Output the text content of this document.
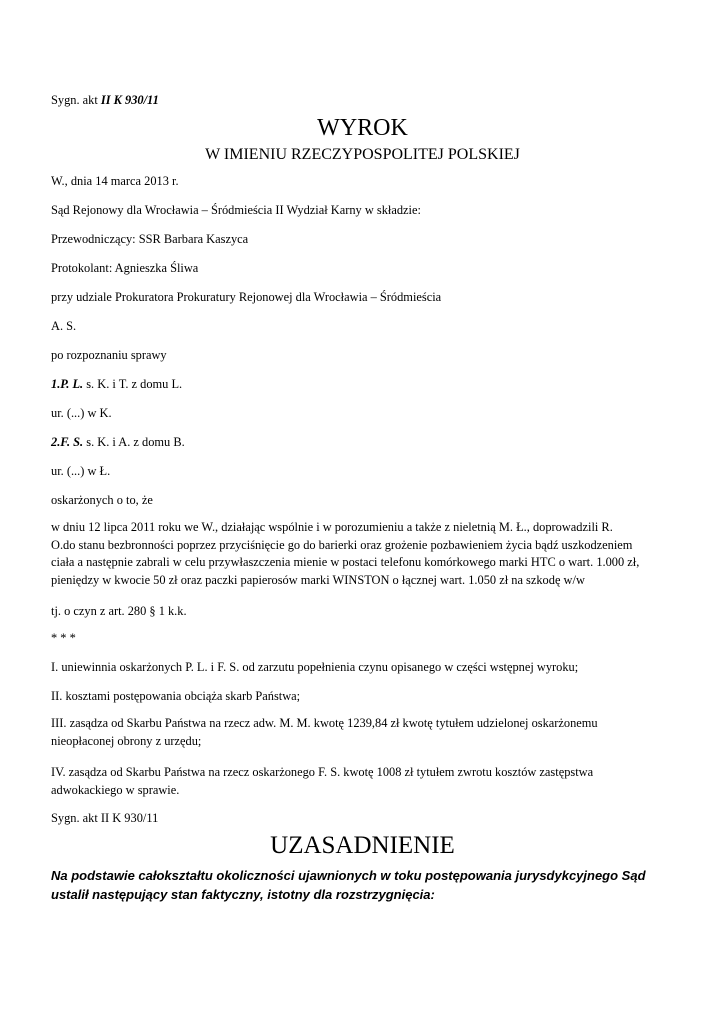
Sygn. akt II K 930/11
WYROK
W IMIENIU RZECZYPOSPOLITEJ POLSKIEJ
W., dnia 14 marca 2013 r.
Sąd Rejonowy dla Wrocławia – Śródmieścia II Wydział Karny w składzie:
Przewodniczący: SSR Barbara Kaszyca
Protokolant: Agnieszka Śliwa
przy udziale Prokuratora Prokuratury Rejonowej dla Wrocławia – Śródmieścia
A. S.
po rozpoznaniu sprawy
1.P. L. s. K. i T. z domu L.
ur. (...) w K.
2.F. S. s. K. i A. z domu B.
ur. (...) w Ł.
oskarżonych o to, że
w dniu 12 lipca 2011 roku we W., działając wspólnie i w porozumieniu a także z nieletnią M. Ł., doprowadzili R.
O.do stanu bezbronności poprzez przyciśnięcie go do barierki oraz grożenie pozbawieniem życia bądź uszkodzeniem
ciała a następnie zabrali w celu przywłaszczenia mienie w postaci telefonu komórkowego marki HTC o wart. 1.000 zł,
pieniędzy w kwocie 50 zł oraz paczki papierosów marki WINSTON o łącznej wart. 1.050 zł na szkodę w/w
tj. o czyn z art. 280 § 1 k.k.
* * *
I. uniewinnia oskarżonych P. L. i F. S. od zarzutu popełnienia czynu opisanego w części wstępnej wyroku;
II. kosztami postępowania obciąża skarb Państwa;
III. zasądza od Skarbu Państwa na rzecz adw. M. M. kwotę 1239,84 zł kwotę tytułem udzielonej oskarżonemu
nieopłaconej obrony z urzędu;
IV. zasądza od Skarbu Państwa na rzecz oskarżonego F. S. kwotę 1008 zł tytułem zwrotu kosztów zastępstwa
adwokackiego w sprawie.
Sygn. akt II K 930/11
UZASADNIENIE
Na podstawie całokształtu okoliczności ujawnionych w toku postępowania jurysdykcyjnego Sąd
ustalił następujący stan faktyczny, istotny dla rozstrzygnięcia:
